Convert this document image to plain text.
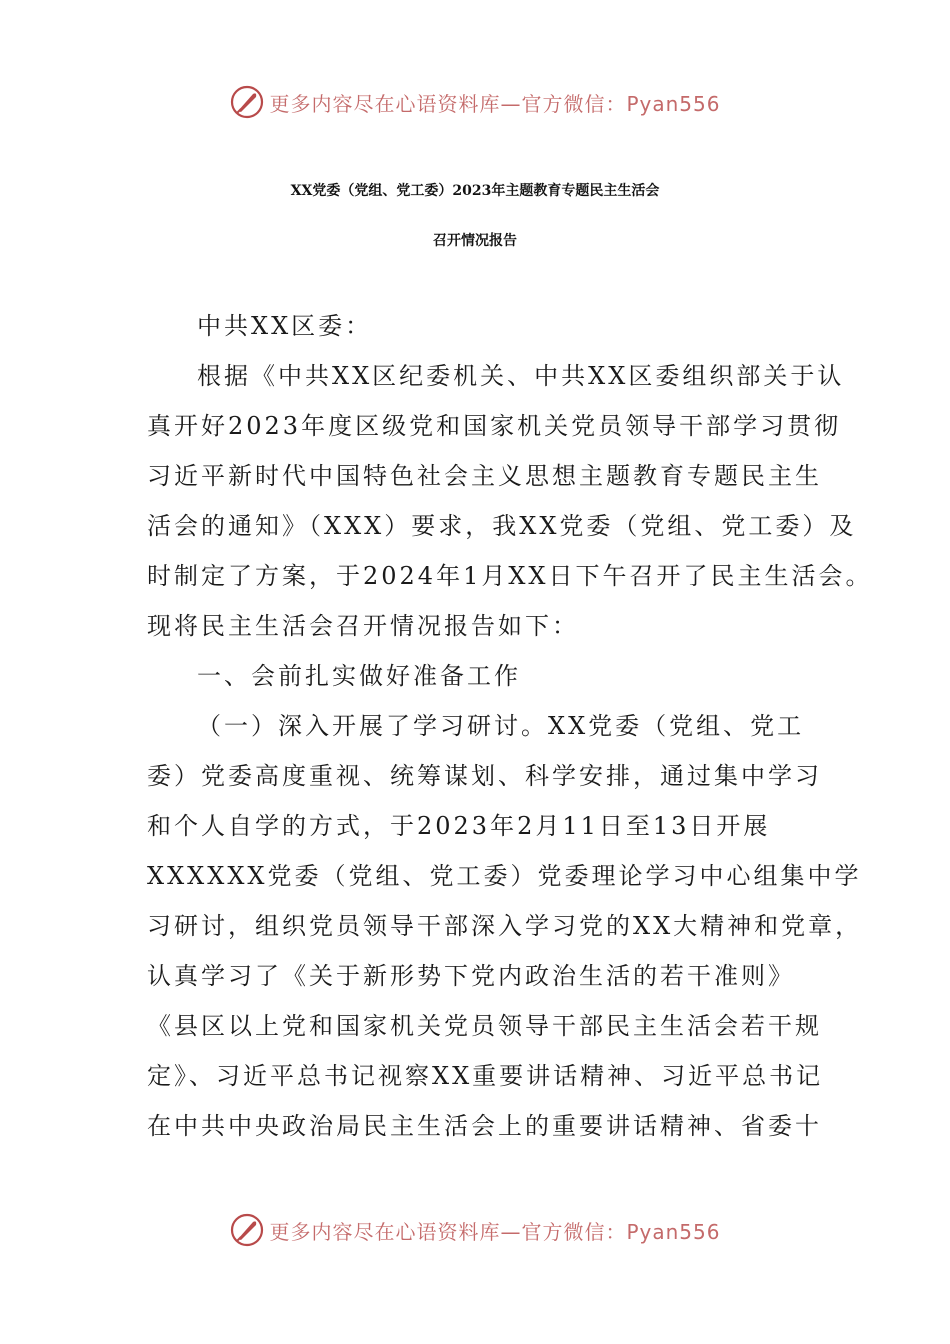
更多内容尽在心语资料库—官方微信：Pyan556
XX党委（党组、党工委）2023年主题教育专题民主生活会
召开情况报告
中共XX区委：
根据《中共XX区纪委机关、中共XX区委组织部关于认
真开好2023年度区级党和国家机关党员领导干部学习贯彻
习近平新时代中国特色社会主义思想主题教育专题民主生
活会的通知》（XXX）要求，我XX党委（党组、党工委）及
时制定了方案，于2024年1月XX日下午召开了民主生活会。
现将民主生活会召开情况报告如下：
一、会前扎实做好准备工作
（一）深入开展了学习研讨。XX党委（党组、党工
委）党委高度重视、统筹谋划、科学安排，通过集中学习
和个人自学的方式，于2023年2月11日至13日开展
XXXXXX党委（党组、党工委）党委理论学习中心组集中学
习研讨，组织党员领导干部深入学习党的XX大精神和党章，
认真学习了《关于新形势下党内政治生活的若干准则》
《县区以上党和国家机关党员领导干部民主生活会若干规
定》、习近平总书记视察XX重要讲话精神、习近平总书记
在中共中央政治局民主生活会上的重要讲话精神、省委十
更多内容尽在心语资料库—官方微信：Pyan556
